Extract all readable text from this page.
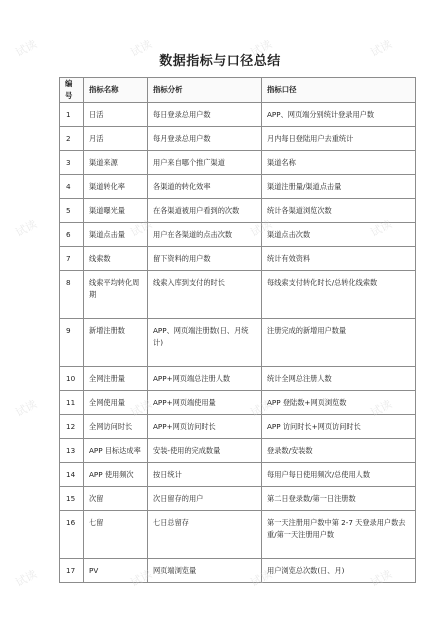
数据指标与口径总结
编号	指标名称	指标分析	指标口径
1	日活	每日登录总用户数	APP、网页端分别统计登录用户数
2	月活	每月登录总用户数	月内每日登陆用户去重统计
3	渠道来源	用户来自哪个推广渠道	渠道名称
4	渠道转化率	各渠道的转化效率	渠道注册量/渠道点击量
5	渠道曝光量	在各渠道被用户看到的次数	统计各渠道浏览次数
6	渠道点击量	用户在各渠道的点击次数	渠道点击次数
7	线索数	留下资料的用户数	统计有效资料
8	线索平均转化周期	线索入库到支付的时长	每线索支付转化时长/总转化线索数
9	新增注册数	APP、网页端注册数(日、月统计)	注册完成的新增用户数量
10	全网注册量	APP+网页端总注册人数	统计全网总注册人数
11	全网使用量	APP+网页端使用量	APP 登陆数+网页浏览数
12	全网访问时长	APP+网页访问时长	APP 访问时长+网页访问时长
13	APP 目标达成率	安装-使用的完成数量	登录数/安装数
14	APP 使用频次	按日统计	每用户每日使用频次/总使用人数
15	次留	次日留存的用户	第二日登录数/第一日注册数
16	七留	七日总留存	第一天注册用户数中第 2-7 天登录用户数去重/第一天注册用户数
17	PV	网页端浏览量	用户浏览总次数(日、月)
试读	试读	试读	试读
试读	试读	试读	试读
试读	试读	试读	试读
试读	试读	试读	试读
